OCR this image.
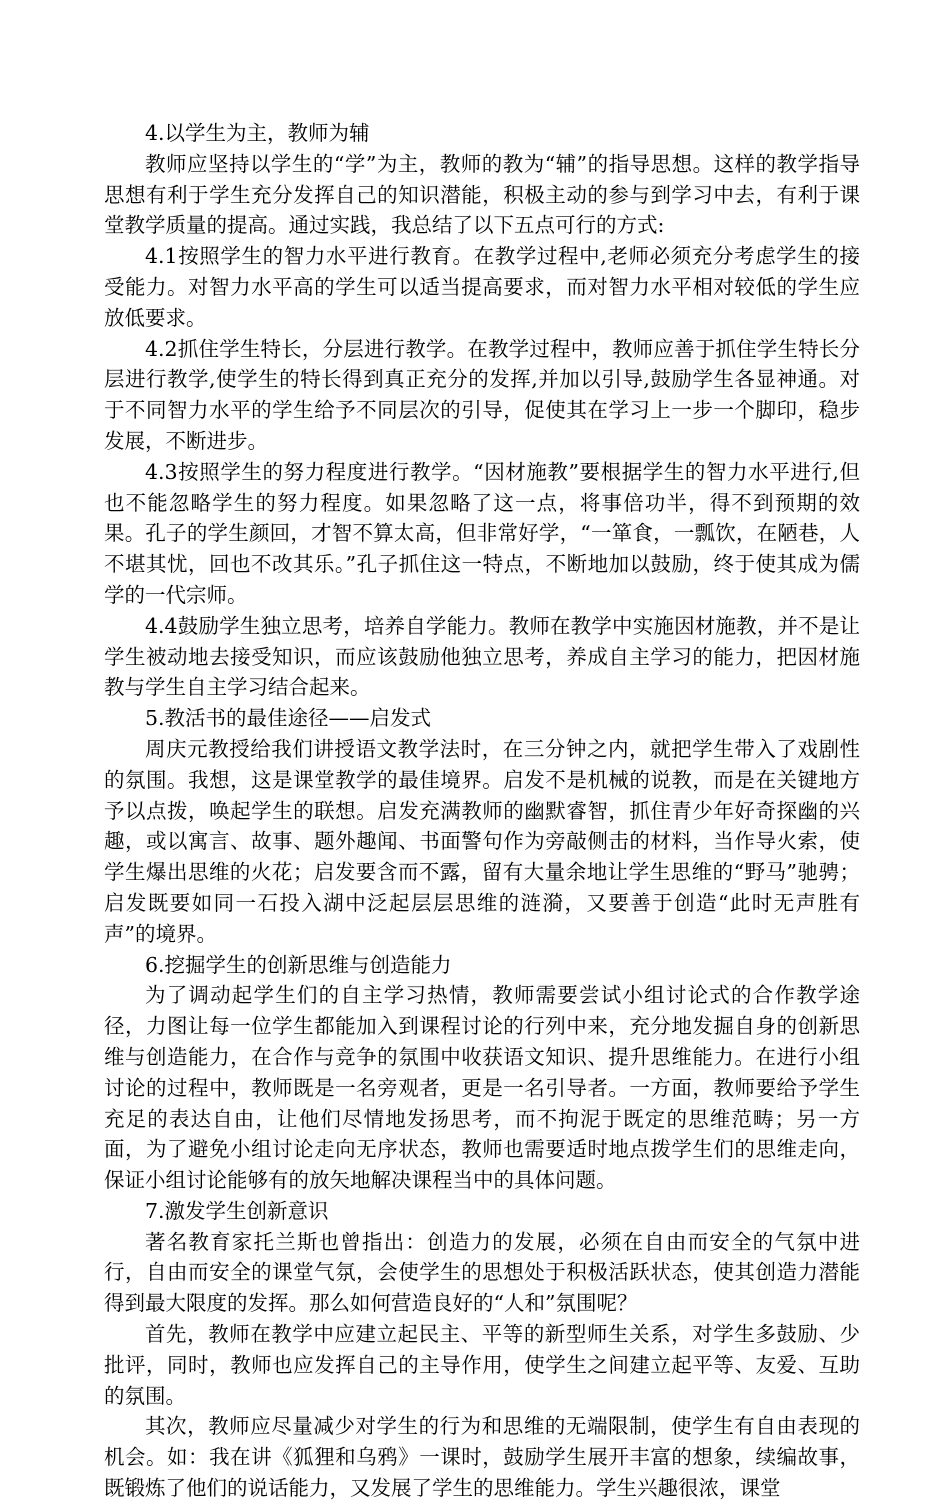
4.以学生为主，教师为辅

教师应坚持以学生的“学”为主，教师的教为“辅”的指导思想。这样的教学指导思想有利于学生充分发挥自己的知识潜能，积极主动的参与到学习中去，有利于课堂教学质量的提高。通过实践，我总结了以下五点可行的方式:

4.1按照学生的智力水平进行教育。在教学过程中,老师必须充分考虑学生的接受能力。对智力水平高的学生可以适当提高要求，而对智力水平相对较低的学生应放低要求。

4.2抓住学生特长，分层进行教学。在教学过程中，教师应善于抓住学生特长分层进行教学,使学生的特长得到真正充分的发挥,并加以引导,鼓励学生各显神通。对于不同智力水平的学生给予不同层次的引导，促使其在学习上一步一个脚印，稳步发展，不断进步。

4.3按照学生的努力程度进行教学。“因材施教”要根据学生的智力水平进行,但也不能忽略学生的努力程度。如果忽略了这一点，将事倍功半，得不到预期的效果。孔子的学生颜回，才智不算太高，但非常好学，“一箪食，一瓢饮，在陋巷，人不堪其忧，回也不改其乐。”孔子抓住这一特点，不断地加以鼓励，终于使其成为儒学的一代宗师。

4.4鼓励学生独立思考，培养自学能力。教师在教学中实施因材施教，并不是让学生被动地去接受知识，而应该鼓励他独立思考，养成自主学习的能力，把因材施教与学生自主学习结合起来。

5.教活书的最佳途径——启发式

周庆元教授给我们讲授语文教学法时，在三分钟之内，就把学生带入了戏剧性的氛围。我想，这是课堂教学的最佳境界。启发不是机械的说教，而是在关键地方予以点拨，唤起学生的联想。启发充满教师的幽默睿智，抓住青少年好奇探幽的兴趣，或以寓言、故事、题外趣闻、书面警句作为旁敲侧击的材料，当作导火索，使学生爆出思维的火花；启发要含而不露，留有大量余地让学生思维的“野马”驰骋；启发既要如同一石投入湖中泛起层层思维的涟漪，又要善于创造“此时无声胜有声”的境界。

6.挖掘学生的创新思维与创造能力

为了调动起学生们的自主学习热情，教师需要尝试小组讨论式的合作教学途径，力图让每一位学生都能加入到课程讨论的行列中来，充分地发掘自身的创新思维与创造能力，在合作与竞争的氛围中收获语文知识、提升思维能力。在进行小组讨论的过程中，教师既是一名旁观者，更是一名引导者。一方面，教师要给予学生充足的表达自由，让他们尽情地发扬思考，而不拘泥于既定的思维范畴；另一方面，为了避免小组讨论走向无序状态，教师也需要适时地点拨学生们的思维走向，保证小组讨论能够有的放矢地解决课程当中的具体问题。

7.激发学生创新意识

著名教育家托兰斯也曾指出：创造力的发展，必须在自由而安全的气氛中进行，自由而安全的课堂气氛，会使学生的思想处于积极活跃状态，使其创造力潜能得到最大限度的发挥。那么如何营造良好的“人和”氛围呢？

首先，教师在教学中应建立起民主、平等的新型师生关系，对学生多鼓励、少批评，同时，教师也应发挥自己的主导作用，使学生之间建立起平等、友爱、互助的氛围。

其次，教师应尽量减少对学生的行为和思维的无端限制，使学生有自由表现的机会。如：我在讲《狐狸和乌鸦》一课时，鼓励学生展开丰富的想象，续编故事，既锻炼了他们的说话能力，又发展了学生的思维能力。学生兴趣很浓，课堂
